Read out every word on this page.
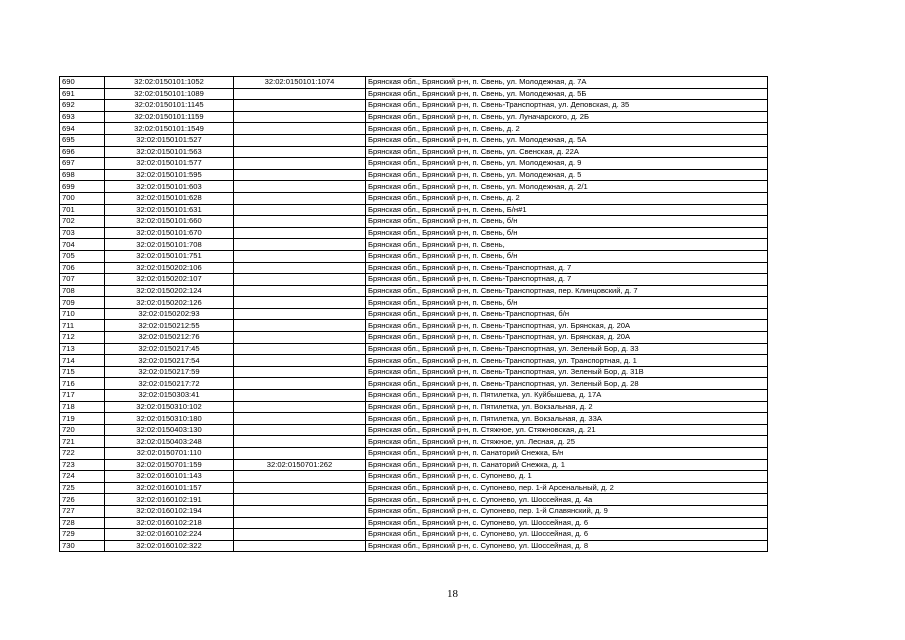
690	32:02:0150101:1052	32:02:0150101:1074	Брянская обл., Брянский р-н, п. Свень, ул. Молодежная, д. 7А
691	32:02:0150101:1089		Брянская обл., Брянский р-н, п. Свень, ул. Молодежная, д. 5Б
692	32:02:0150101:1145		Брянская обл., Брянский р-н, п. Свень-Транспортная, ул. Деповская, д. 35
693	32:02:0150101:1159		Брянская обл., Брянский р-н, п. Свень, ул. Луначарского, д. 2Б
694	32:02:0150101:1549		Брянская обл., Брянский р-н, п. Свень, д. 2
695	32:02:0150101:527		Брянская обл., Брянский р-н, п. Свень, ул. Молодежная, д. 5А
696	32:02:0150101:563		Брянская обл., Брянский р-н, п. Свень, ул. Свенская, д. 22А
697	32:02:0150101:577		Брянская обл., Брянский р-н, п. Свень, ул. Молодежная, д. 9
698	32:02:0150101:595		Брянская обл., Брянский р-н, п. Свень, ул. Молодежная, д. 5
699	32:02:0150101:603		Брянская обл., Брянский р-н, п. Свень, ул. Молодежная, д. 2/1
700	32:02:0150101:628		Брянская обл., Брянский р-н, п. Свень, д. 2
701	32:02:0150101:631		Брянская обл., Брянский р-н, п. Свень, Б/н#1
702	32:02:0150101:660		Брянская обл., Брянский р-н, п. Свень, б/н
703	32:02:0150101:670		Брянская обл., Брянский р-н, п. Свень, б/н
704	32:02:0150101:708		Брянская обл., Брянский р-н, п. Свень,
705	32:02:0150101:751		Брянская обл., Брянский р-н, п. Свень, б/н
706	32:02:0150202:106		Брянская обл., Брянский р-н, п. Свень-Транспортная, д. 7
707	32:02:0150202:107		Брянская обл., Брянский р-н, п. Свень-Транспортная, д. 7
708	32:02:0150202:124		Брянская обл., Брянский р-н, п. Свень-Транспортная, пер. Клинцовский, д. 7
709	32:02:0150202:126		Брянская обл., Брянский р-н, п. Свень, б/н
710	32:02:0150202:93		Брянская обл., Брянский р-н, п. Свень-Транспортная, б/н
711	32:02:0150212:55		Брянская обл., Брянский р-н, п. Свень-Транспортная, ул. Брянская, д. 20А
712	32:02:0150212:76		Брянская обл., Брянский р-н, п. Свень-Транспортная, ул. Брянская, д. 20А
713	32:02:0150217:45		Брянская обл., Брянский р-н, п. Свень-Транспортная, ул. Зеленый Бор, д. 33
714	32:02:0150217:54		Брянская обл., Брянский р-н, п. Свень-Транспортная, ул. Транспортная, д. 1
715	32:02:0150217:59		Брянская обл., Брянский р-н, п. Свень-Транспортная, ул. Зеленый Бор, д. 31В
716	32:02:0150217:72		Брянская обл., Брянский р-н, п. Свень-Транспортная, ул. Зеленый Бор, д. 28
717	32:02:0150303:41		Брянская обл., Брянский р-н, п. Пятилетка, ул. Куйбышева, д. 17А
718	32:02:0150310:102		Брянская обл., Брянский р-н, п. Пятилетка, ул. Вокзальная, д. 2
719	32:02:0150310:180		Брянская обл., Брянский р-н, п. Пятилетка, ул. Вокзальная, д. 33А
720	32:02:0150403:130		Брянская обл., Брянский р-н, п. Стяжное, ул. Стяжновская, д. 21
721	32:02:0150403:248		Брянская обл., Брянский р-н, п. Стяжное, ул. Лесная, д. 25
722	32:02:0150701:110		Брянская обл., Брянский р-н, п. Санаторий Снежка, Б/н
723	32:02:0150701:159	32:02:0150701:262	Брянская обл., Брянский р-н, п. Санаторий Снежка, д. 1
724	32:02:0160101:143		Брянская обл., Брянский р-н, с. Супонево, д. 1
725	32:02:0160101:157		Брянская обл., Брянский р-н, с. Супонево, пер. 1-й Арсенальный, д. 2
726	32:02:0160102:191		Брянская обл., Брянский р-н, с. Супонево, ул. Шоссейная, д. 4а
727	32:02:0160102:194		Брянская обл., Брянский р-н, с. Супонево, пер. 1-й Славянский, д. 9
728	32:02:0160102:218		Брянская обл., Брянский р-н, с. Супонево, ул. Шоссейная, д. 6
729	32:02:0160102:224		Брянская обл., Брянский р-н, с. Супонево, ул. Шоссейная, д. 6
730	32:02:0160102:322		Брянская обл., Брянский р-н, с. Супонево, ул. Шоссейная, д. 8
18
